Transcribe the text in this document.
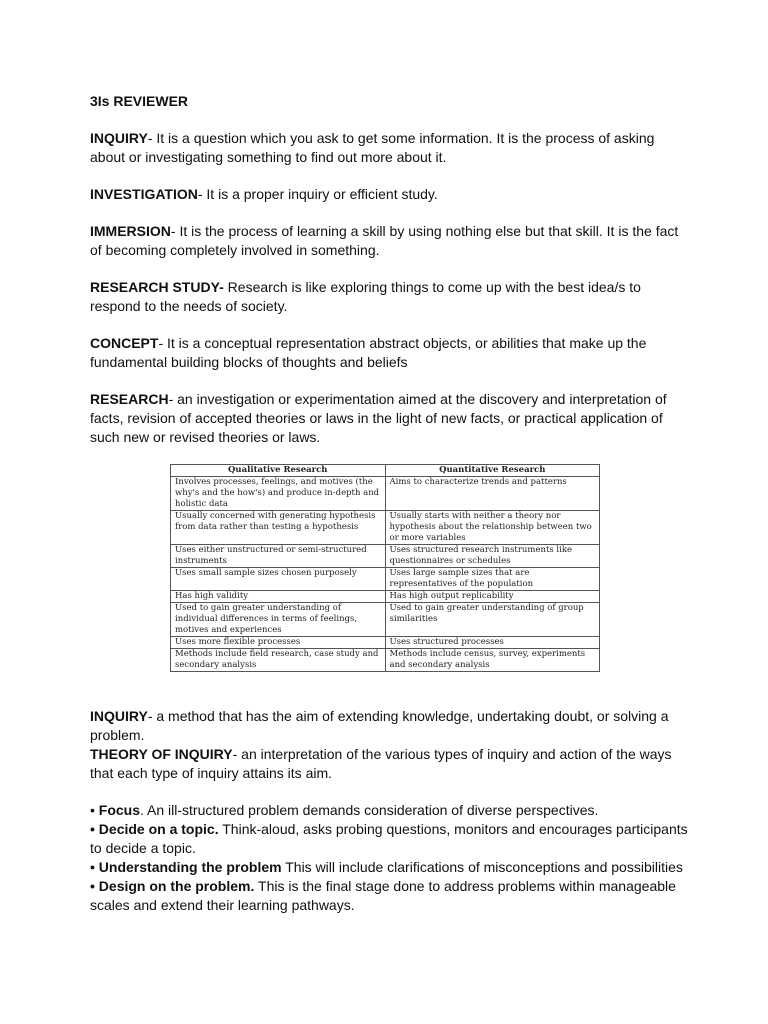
3Is REVIEWER

INQUIRY- It is a question which you ask to get some information. It is the process of asking about or investigating something to find out more about it.

INVESTIGATION- It is a proper inquiry or efficient study.

IMMERSION- It is the process of learning a skill by using nothing else but that skill. It is the fact of becoming completely involved in something.

RESEARCH STUDY- Research is like exploring things to come up with the best idea/s to respond to the needs of society.

CONCEPT- It is a conceptual representation abstract objects, or abilities that make up the fundamental building blocks of thoughts and beliefs

RESEARCH- an investigation or experimentation aimed at the discovery and interpretation of facts, revision of accepted theories or laws in the light of new facts, or practical application of such new or revised theories or laws.

Qualitative Research	Quantitative Research
Involves processes, feelings, and motives (the why's and the how's) and produce in-depth and holistic data	Aims to characterize trends and patterns
Usually concerned with generating hypothesis from data rather than testing a hypothesis	Usually starts with neither a theory nor hypothesis about the relationship between two or more variables
Uses either unstructured or semi-structured instruments	Uses structured research instruments like questionnaires or schedules
Uses small sample sizes chosen purposely	Uses large sample sizes that are representatives of the population
Has high validity	Has high output replicability
Used to gain greater understanding of individual differences in terms of feelings, motives and experiences	Used to gain greater understanding of group similarities
Uses more flexible processes	Uses structured processes
Methods include field research, case study and secondary analysis	Methods include census, survey, experiments and secondary analysis

INQUIRY- a method that has the aim of extending knowledge, undertaking doubt, or solving a problem.

THEORY OF INQUIRY- an interpretation of the various types of inquiry and action of the ways that each type of inquiry attains its aim.

• Focus. An ill-structured problem demands consideration of diverse perspectives.

• Decide on a topic. Think-aloud, asks probing questions, monitors and encourages participants to decide a topic.

• Understanding the problem This will include clarifications of misconceptions and possibilities

• Design on the problem. This is the final stage done to address problems within manageable scales and extend their learning pathways.
